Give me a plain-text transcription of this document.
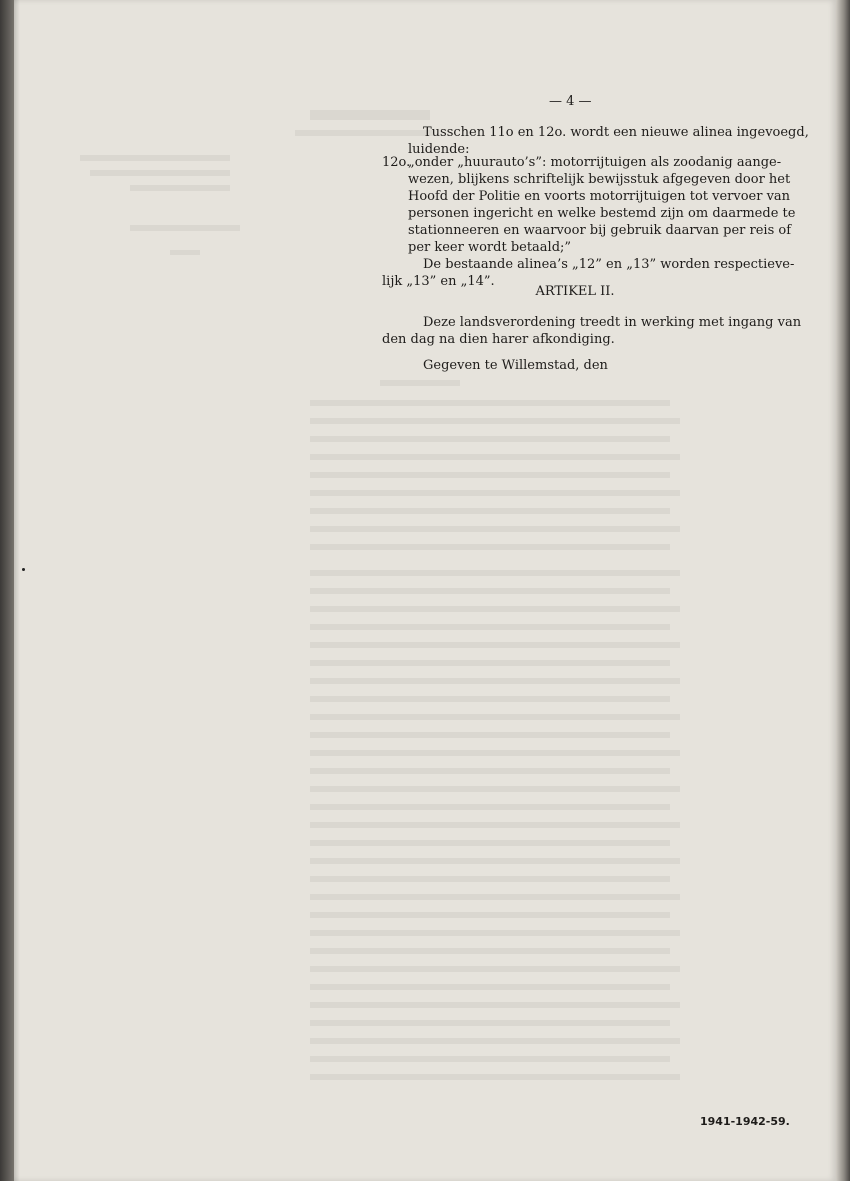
— 4 —
Tusschen 11o en 12o. wordt een nieuwe alinea ingevoegd,
luidende:
12o.
„onder „huurauto’s”: motorrijtuigen als zoodanig aange-
wezen, blijkens schriftelijk bewijsstuk afgegeven door het
Hoofd der Politie en voorts motorrijtuigen tot vervoer van
personen ingericht en welke bestemd zijn om daarmede te
stationneeren en waarvoor bij gebruik daarvan per reis of
per keer wordt betaald;”
De bestaande alinea’s „12” en „13” worden respectieve-
lijk „13” en „14”.
ARTIKEL II.
Deze landsverordening treedt in werking met ingang van
den dag na dien harer afkondiging.
Gegeven te Willemstad, den
1941-1942-59.
